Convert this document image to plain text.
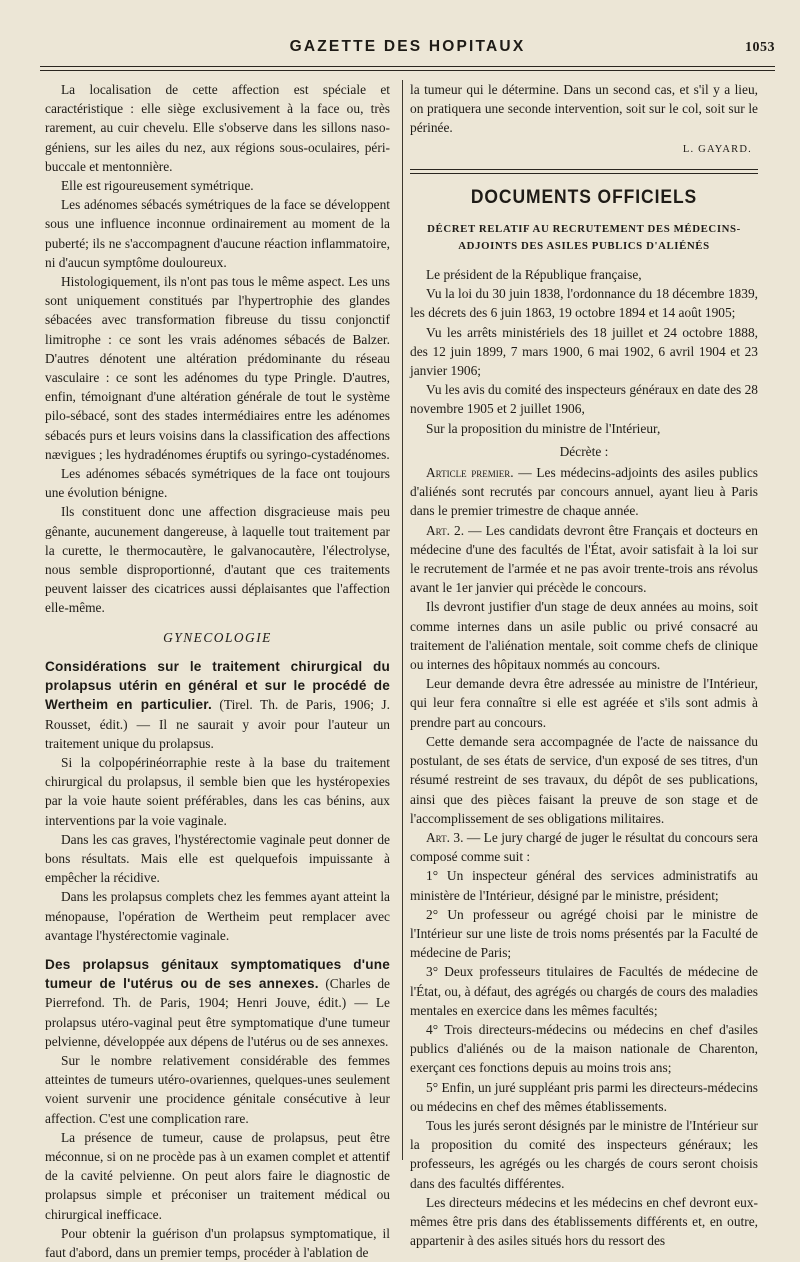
GAZETTE DES HOPITAUX	1053

La localisation de cette affection est spéciale et caractéristique : elle siège exclusivement à la face ou, très rarement, au cuir chevelu. Elle s'observe dans les sillons naso-géniens, sur les ailes du nez, aux régions sous-oculaires, péri-buccale et mentonnière.

Elle est rigoureusement symétrique.

Les adénomes sébacés symétriques de la face se développent sous une influence inconnue ordinairement au moment de la puberté; ils ne s'accompagnent d'aucune réaction inflammatoire, ni d'aucun symptôme douloureux.

Histologiquement, ils n'ont pas tous le même aspect. Les uns sont uniquement constitués par l'hypertrophie des glandes sébacées avec transformation fibreuse du tissu conjonctif limitrophe : ce sont les vrais adénomes sébacés de Balzer. D'autres dénotent une altération prédominante du réseau vasculaire : ce sont les adénomes du type Pringle. D'autres, enfin, témoignant d'une altération générale de tout le système pilo-sébacé, sont des stades intermédiaires entre les adénomes sébacés purs et leurs voisins dans la classification des affections nævigues ; les hydradénomes éruptifs ou syringo-cystadénomes.

Les adénomes sébacés symétriques de la face ont toujours une évolution bénigne.

Ils constituent donc une affection disgracieuse mais peu gênante, aucunement dangereuse, à laquelle tout traitement par la curette, le thermocautère, le galvanocautère, l'électrolyse, nous semble disproportionné, d'autant que ces traitements peuvent laisser des cicatrices aussi déplaisantes que l'affection elle-même.

GYNECOLOGIE

Considérations sur le traitement chirurgical du prolapsus utérin en général et sur le procédé de Wertheim en particulier. (Tirel. Th. de Paris, 1906; J. Rousset, édit.) — Il ne saurait y avoir pour l'auteur un traitement unique du prolapsus.

Si la colpopérinéorraphie reste à la base du traitement chirurgical du prolapsus, il semble bien que les hystéropexies par la voie haute soient préférables, dans les cas bénins, aux interventions par la voie vaginale.

Dans les cas graves, l'hystérectomie vaginale peut donner de bons résultats. Mais elle est quelquefois impuissante à empêcher la récidive.

Dans les prolapsus complets chez les femmes ayant atteint la ménopause, l'opération de Wertheim peut remplacer avec avantage l'hystérectomie vaginale.

Des prolapsus génitaux symptomatiques d'une tumeur de l'utérus ou de ses annexes. (Charles de Pierrefond. Th. de Paris, 1904; Henri Jouve, édit.) — Le prolapsus utéro-vaginal peut être symptomatique d'une tumeur pelvienne, développée aux dépens de l'utérus ou de ses annexes.

Sur le nombre relativement considérable des femmes atteintes de tumeurs utéro-ovariennes, quelques-unes seulement voient survenir une procidence génitale consécutive à leur affection. C'est une complication rare.

La présence de tumeur, cause de prolapsus, peut être méconnue, si on ne procède pas à un examen complet et attentif de la cavité pelvienne. On peut alors faire le diagnostic de prolapsus simple et préconiser un traitement médical ou chirurgical inefficace.

Pour obtenir la guérison d'un prolapsus symptomatique, il faut d'abord, dans un premier temps, procéder à l'ablation de

la tumeur qui le détermine. Dans un second cas, et s'il y a lieu, on pratiquera une seconde intervention, soit sur le col, soit sur le périnée.

L. GAYARD.
DOCUMENTS OFFICIELS
DÉCRET RELATIF AU RECRUTEMENT DES MÉDECINS-ADJOINTS DES ASILES PUBLICS D'ALIÉNÉS

Le président de la République française,

Vu la loi du 30 juin 1838, l'ordonnance du 18 décembre 1839, les décrets des 6 juin 1863, 19 octobre 1894 et 14 août 1905;

Vu les arrêts ministériels des 18 juillet et 24 octobre 1888, des 12 juin 1899, 7 mars 1900, 6 mai 1902, 6 avril 1904 et 23 janvier 1906;

Vu les avis du comité des inspecteurs généraux en date des 28 novembre 1905 et 2 juillet 1906,

Sur la proposition du ministre de l'Intérieur,

Décrète :

Article premier. — Les médecins-adjoints des asiles publics d'aliénés sont recrutés par concours annuel, ayant lieu à Paris dans le premier trimestre de chaque année.

Art. 2. — Les candidats devront être Français et docteurs en médecine d'une des facultés de l'État, avoir satisfait à la loi sur le recrutement de l'armée et ne pas avoir trente-trois ans révolus avant le 1er janvier qui précède le concours.

Ils devront justifier d'un stage de deux années au moins, soit comme internes dans un asile public ou privé consacré au traitement de l'aliénation mentale, soit comme chefs de clinique ou internes des hôpitaux nommés au concours.

Leur demande devra être adressée au ministre de l'Intérieur, qui leur fera connaître si elle est agréée et s'ils sont admis à prendre part au concours.

Cette demande sera accompagnée de l'acte de naissance du postulant, de ses états de service, d'un exposé de ses titres, d'un résumé restreint de ses travaux, du dépôt de ses publications, ainsi que des pièces faisant la preuve de son stage et de l'accomplissement de ses obligations militaires.

Art. 3. — Le jury chargé de juger le résultat du concours sera composé comme suit :

1° Un inspecteur général des services administratifs au ministère de l'Intérieur, désigné par le ministre, président;

2° Un professeur ou agrégé choisi par le ministre de l'Intérieur sur une liste de trois noms présentés par la Faculté de médecine de Paris;

3° Deux professeurs titulaires de Facultés de médecine de l'État, ou, à défaut, des agrégés ou chargés de cours des maladies mentales en exercice dans les mêmes facultés;

4° Trois directeurs-médecins ou médecins en chef d'asiles publics d'aliénés ou de la maison nationale de Charenton, exerçant ces fonctions depuis au moins trois ans;

5° Enfin, un juré suppléant pris parmi les directeurs-médecins ou médecins en chef des mêmes établissements.

Tous les jurés seront désignés par le ministre de l'Intérieur sur la proposition du comité des inspecteurs généraux; les professeurs, les agrégés ou les chargés de cours seront choisis dans des facultés différentes.

Les directeurs médecins et les médecins en chef devront eux-mêmes être pris dans des établissements différents et, en outre, appartenir à des asiles situés hors du ressort des
